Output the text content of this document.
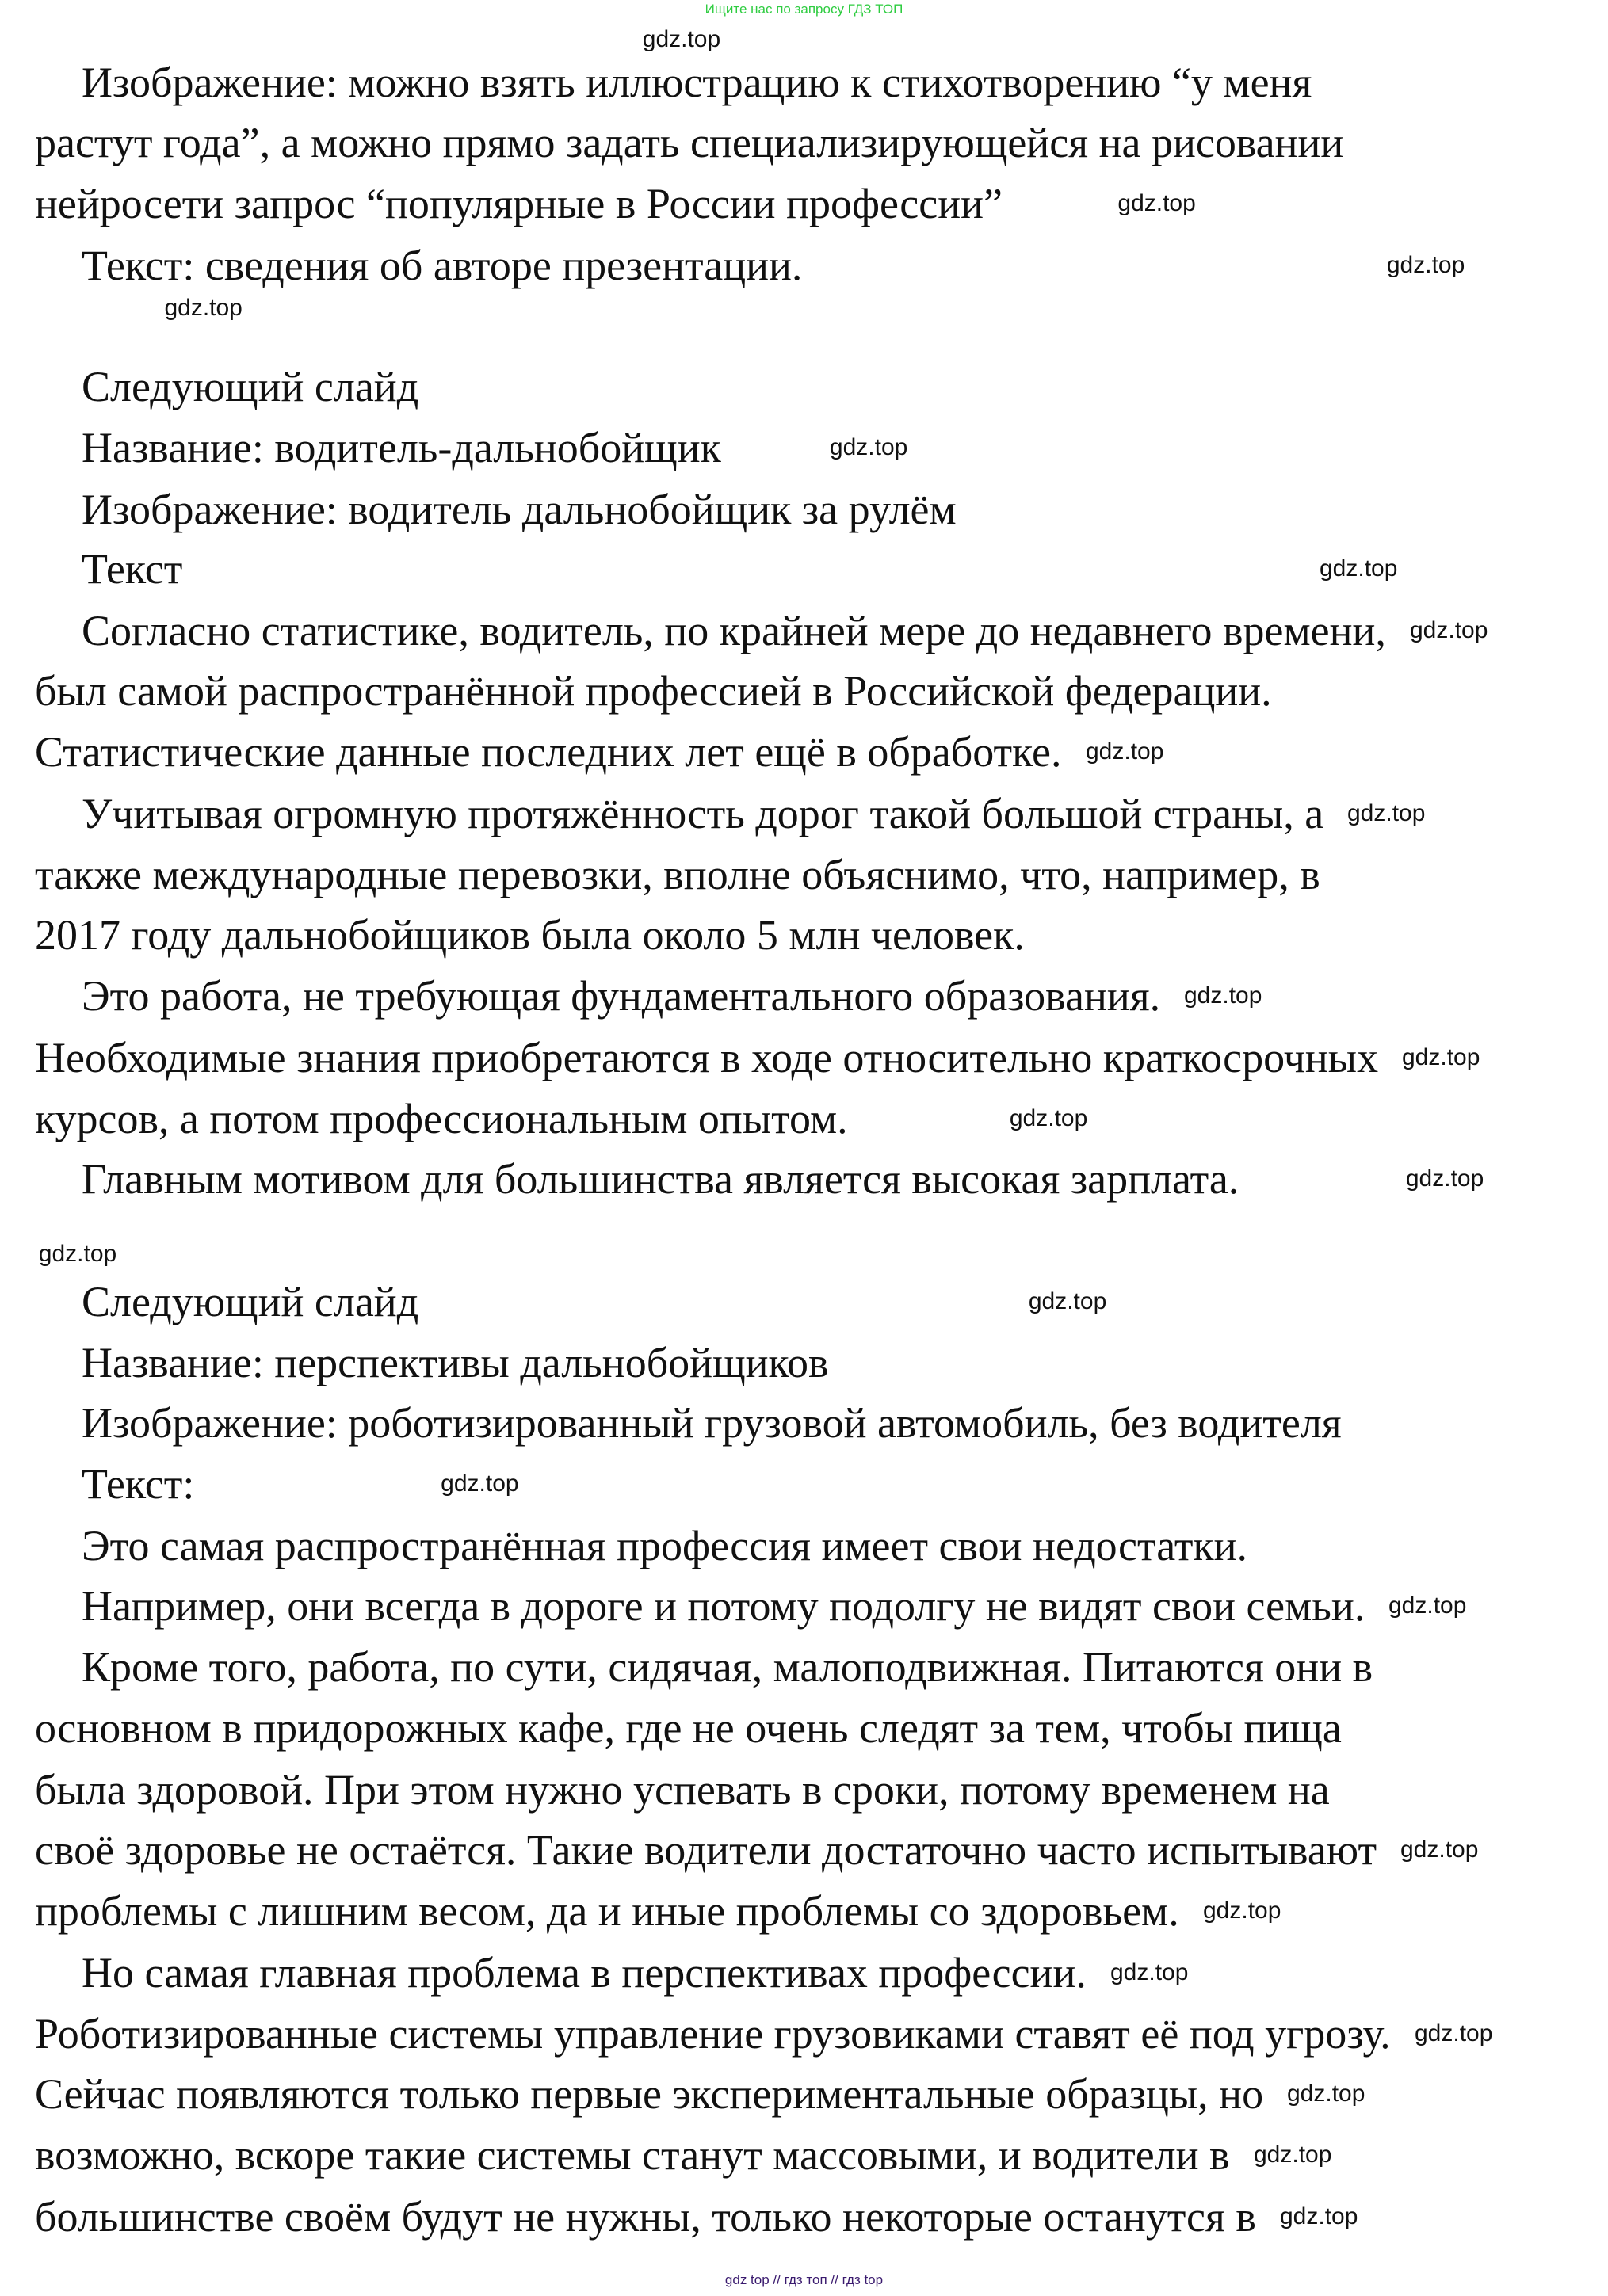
Ищите нас по запросу ГДЗ ТОП
Изображение: можно взять иллюстрацию к стихотворению “у меня
растут года”, а можно прямо задать специализирующейся на рисовании
нейросети запрос “популярные в России профессии”
Текст: сведения об авторе презентации.
Следующий слайд
Название: водитель-дальнобойщик
Изображение: водитель дальнобойщик за рулём
Текст
Согласно статистике, водитель, по крайней мере до недавнего времени,
был самой распространённой профессией в Российской федерации.
Статистические данные последних лет ещё в обработке.
Учитывая огромную протяжённость дорог такой большой страны, а
также международные перевозки, вполне объяснимо, что, например, в
2017 году дальнобойщиков была около 5 млн человек.
Это работа, не требующая фундаментального образования.
Необходимые знания приобретаются в ходе относительно краткосрочных
курсов, а потом профессиональным опытом.
Главным мотивом для большинства является высокая зарплата.
Следующий слайд
Название: перспективы дальнобойщиков
Изображение: роботизированный грузовой автомобиль, без водителя
Текст:
Это самая распространённая профессия имеет свои недостатки.
Например, они всегда в дороге и потому подолгу не видят свои семьи.
Кроме того, работа, по сути, сидячая, малоподвижная. Питаются они в
основном в придорожных кафе, где не очень следят за тем, чтобы пища
была здоровой. При этом нужно успевать в сроки, потому временем на
своё здоровье не остаётся. Такие водители достаточно часто испытывают
проблемы с лишним весом, да и иные проблемы со здоровьем.
Но самая главная проблема в перспективах профессии.
Роботизированные системы управление грузовиками ставят её под угрозу.
Сейчас появляются только первые экспериментальные образцы, но
возможно, вскоре такие системы станут массовыми, и водители в
большинстве своём будут не нужны, только некоторые останутся в
gdz.top
gdz.top
gdz.top
gdz.top
gdz.top
gdz.top
gdz.top
gdz.top
gdz.top
gdz.top
gdz.top
gdz.top
gdz.top
gdz.top
gdz.top
gdz.top
gdz.top
gdz.top
gdz.top
gdz.top
gdz.top
gdz.top
gdz.top
gdz.top
gdz top // гдз топ // гдз top
